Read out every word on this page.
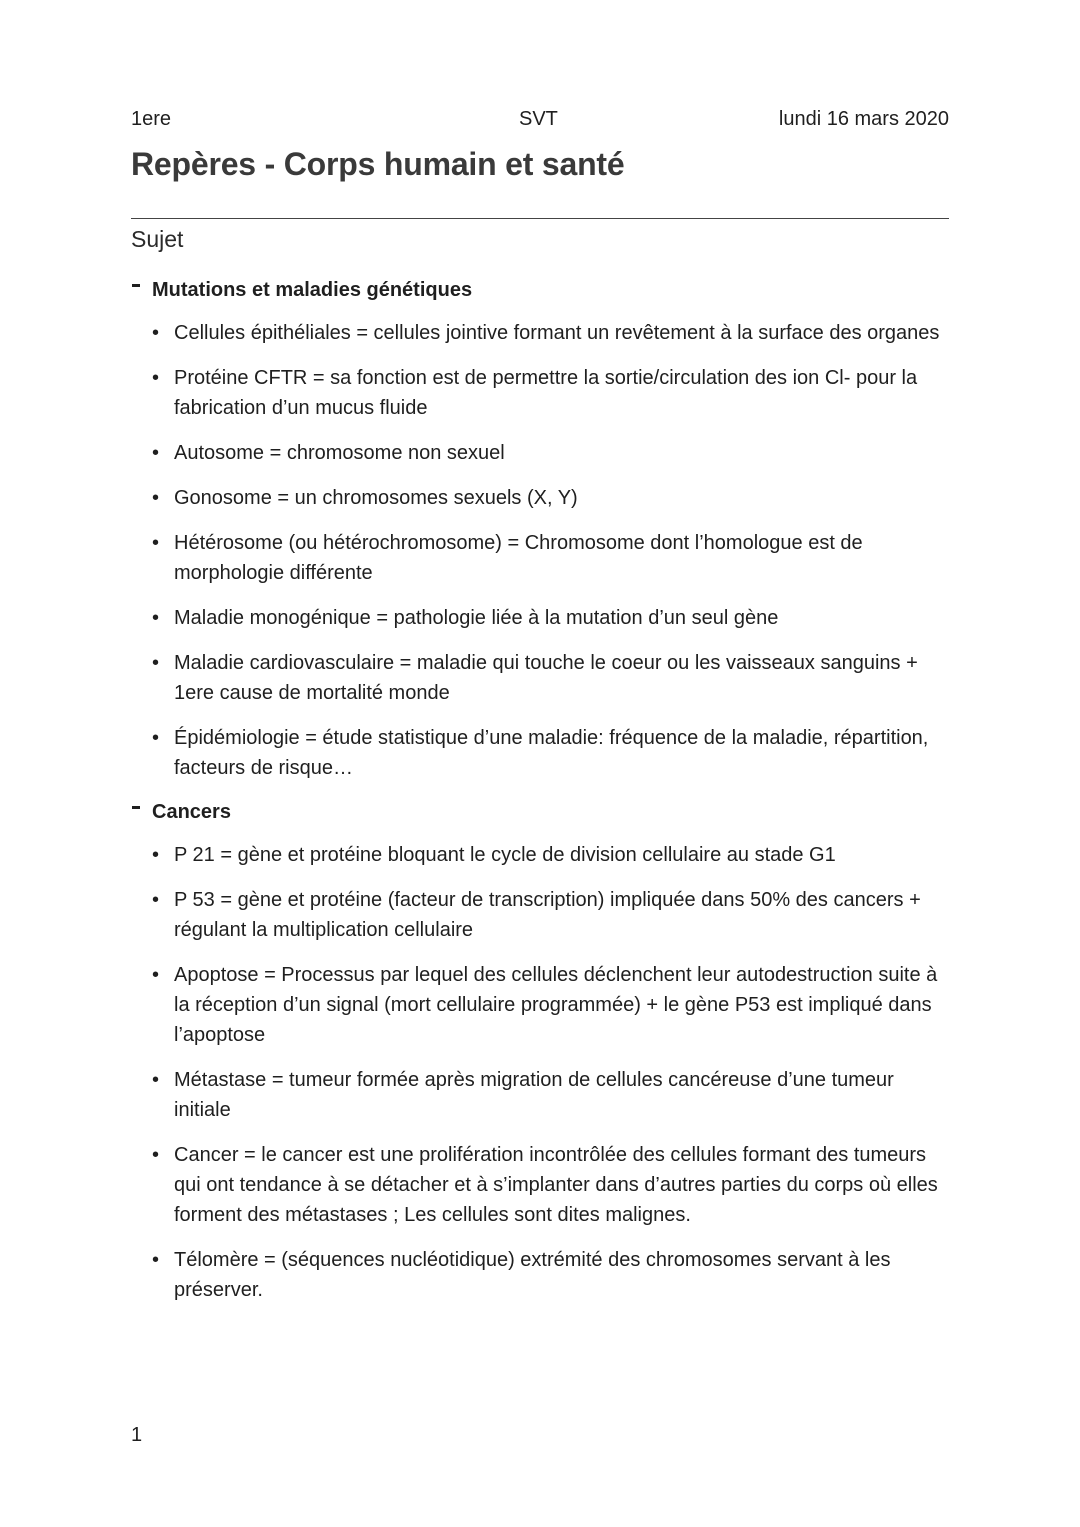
1ere	SVT	lundi 16 mars 2020
Repères - Corps humain et santé
Sujet
Mutations et maladies génétiques
• Cellules épithéliales = cellules jointive formant un revêtement à la surface des organes
• Protéine CFTR = sa fonction est de permettre la sortie/circulation des ion Cl- pour la fabrication d’un mucus fluide
• Autosome = chromosome non sexuel
• Gonosome = un chromosomes sexuels (X, Y)
• Hétérosome (ou hétérochromosome) = Chromosome dont l’homologue est de morphologie différente
• Maladie monogénique = pathologie liée à la mutation d’un seul gène
• Maladie cardiovasculaire = maladie qui touche le coeur ou les vaisseaux sanguins + 1ere cause de mortalité monde
• Épidémiologie = étude statistique d’une maladie: fréquence de la maladie, répartition, facteurs de risque…
Cancers
• P 21 = gène et protéine bloquant le cycle de division cellulaire au stade G1
• P 53 = gène et protéine (facteur de transcription) impliquée dans 50% des cancers + régulant la multiplication cellulaire
• Apoptose = Processus par lequel des cellules déclenchent leur autodestruction suite à la réception d’un signal (mort cellulaire programmée) + le gène P53 est impliqué dans l’apoptose
• Métastase = tumeur formée après migration de cellules cancéreuse d’une tumeur initiale
• Cancer = le cancer est une prolifération incontrôlée des cellules formant des tumeurs qui ont tendance à se détacher et à s’implanter dans d’autres parties du corps où elles forment des métastases ; Les cellules sont dites malignes.
• Télomère = (séquences nucléotidique) extrémité des chromosomes servant à les préserver.
1
